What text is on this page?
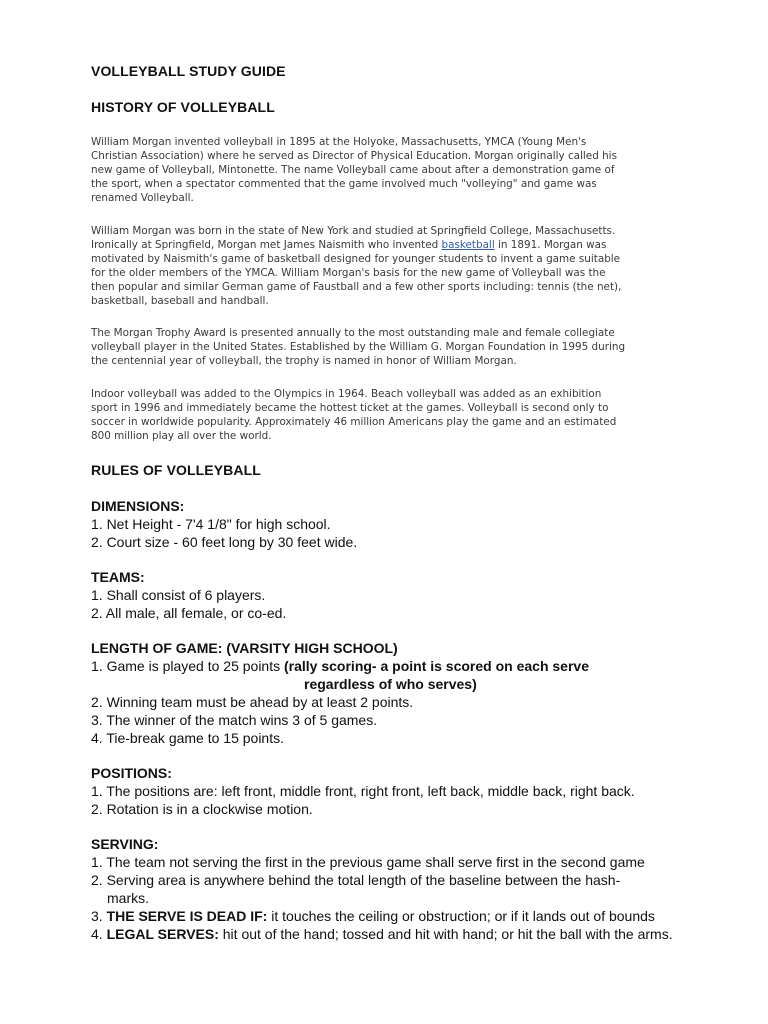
VOLLEYBALL STUDY GUIDE
HISTORY OF VOLLEYBALL

William Morgan invented volleyball in 1895 at the Holyoke, Massachusetts, YMCA (Young Men's
Christian Association) where he served as Director of Physical Education. Morgan originally called his
new game of Volleyball, Mintonette. The name Volleyball came about after a demonstration game of
the sport, when a spectator commented that the game involved much "volleying" and game was
renamed Volleyball.

William Morgan was born in the state of New York and studied at Springfield College, Massachusetts.
Ironically at Springfield, Morgan met James Naismith who invented basketball in 1891. Morgan was
motivated by Naismith's game of basketball designed for younger students to invent a game suitable
for the older members of the YMCA. William Morgan's basis for the new game of Volleyball was the
then popular and similar German game of Faustball and a few other sports including: tennis (the net),
basketball, baseball and handball.

The Morgan Trophy Award is presented annually to the most outstanding male and female collegiate
volleyball player in the United States. Established by the William G. Morgan Foundation in 1995 during
the centennial year of volleyball, the trophy is named in honor of William Morgan.

Indoor volleyball was added to the Olympics in 1964. Beach volleyball was added as an exhibition
sport in 1996 and immediately became the hottest ticket at the games. Volleyball is second only to
soccer in worldwide popularity. Approximately 46 million Americans play the game and an estimated
800 million play all over the world.

RULES OF VOLLEYBALL
DIMENSIONS:
1. Net Height - 7'4 1/8" for high school.
2. Court size - 60 feet long by 30 feet wide.
TEAMS:
1. Shall consist of 6 players.
2. All male, all female, or co-ed.
LENGTH OF GAME: (VARSITY HIGH SCHOOL)
1. Game is played to 25 points (rally scoring- a point is scored on each serve
regardless of who serves)
2. Winning team must be ahead by at least 2 points.
3. The winner of the match wins 3 of 5 games.
4. Tie-break game to 15 points.
POSITIONS:
1. The positions are: left front, middle front, right front, left back, middle back, right back.
2. Rotation is in a clockwise motion.
SERVING:
1. The team not serving the first in the previous game shall serve first in the second game
2. Serving area is anywhere behind the total length of the baseline between the hash-
marks.
3. THE SERVE IS DEAD IF: it touches the ceiling or obstruction; or if it lands out of bounds
4. LEGAL SERVES: hit out of the hand; tossed and hit with hand; or hit the ball with the arms.
